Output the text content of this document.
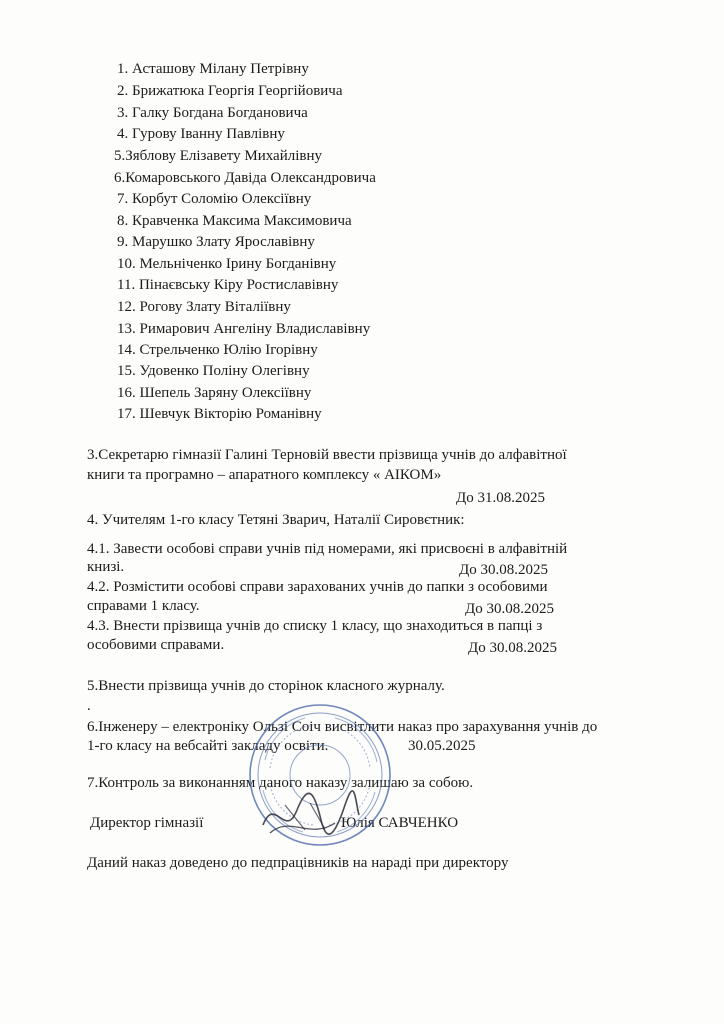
1. Асташову Мілану Петрівну
2. Брижатюка Георгія Георгійовича
3. Галку Богдана Богдановича
4. Гурову Іванну Павлівну
5.Зяблову Елізавету Михайлівну
6.Комаровського Давіда Олександровича
7. Корбут Соломію Олексіївну
8. Кравченка Максима Максимовича
9. Марушко Злату Ярославівну
10. Мельніченко Ірину Богданівну
11. Пінаєвську Кіру Ростиславівну
12. Рогову Злату Віталіївну
13. Римарович Ангеліну Владиславівну
14. Стрельченко Юлію Ігорівну
15. Удовенко Поліну Олегівну
16. Шепель Заряну Олексіївну
17. Шевчук Вікторію Романівну
3.Секретарю гімназії Галині Терновій ввести прізвища учнів до алфавітної
книги та програмно – апаратного комплексу « АІКОМ»
До 31.08.2025
4. Учителям 1-го класу Тетяні Зварич, Наталії Сировєтник:
4.1. Завести особові справи учнів під номерами, які присвоєні в алфавітній
книзі.	До 30.08.2025
4.2. Розмістити особові справи зарахованих учнів до папки з особовими
справами 1 класу.	До 30.08.2025
4.3. Внести прізвища учнів до списку 1 класу, що знаходиться в папці з
особовими справами.	До 30.08.2025
5.Внести прізвища учнів до сторінок класного журналу.
.
6.Інженеру – електроніку Ользі Соіч висвітлити наказ про зарахування учнів до
1-го класу на вебсайті закладу освіти.	30.05.2025
7.Контроль за виконанням даного наказу залишаю за собою.
Директор гімназії	Юлія САВЧЕНКО
Даний наказ доведено до педпрацівників на нараді при директору
